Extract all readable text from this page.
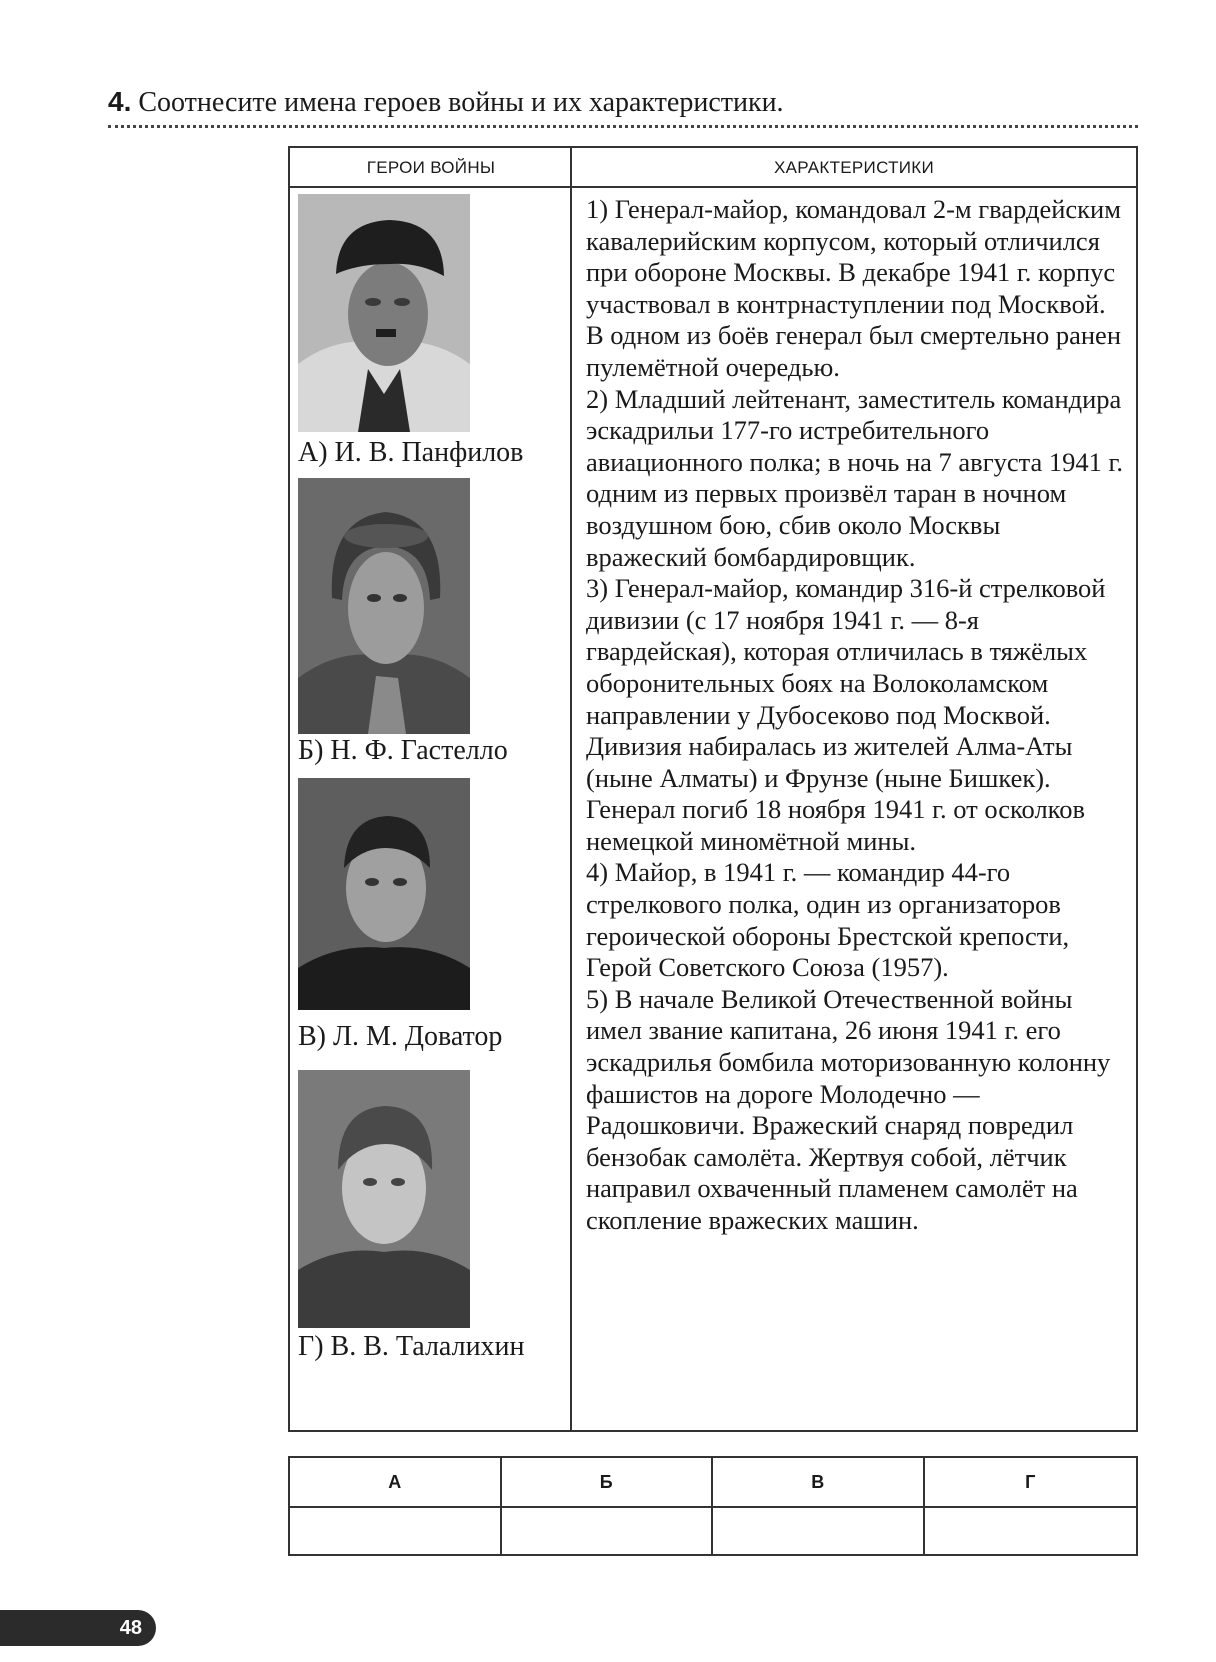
4. Соотнесите имена героев войны и их характеристики.
ГЕРОИ ВОЙНЫ	ХАРАКТЕРИСТИКИ
А) И. В. Панфилов
Б) Н. Ф. Гастелло
В) Л. М. Доватор
Г) В. В. Талалихин

1) Генерал-майор, командовал 2-м гвардейским кавалерийским корпусом, который отличился при обороне Москвы. В декабре 1941 г. корпус участвовал в контрнаступлении под Москвой. В одном из боёв генерал был смертельно ранен пулемётной очередью.

2) Младший лейтенант, заместитель командира эскадрильи 177-го истребительного авиационного полка; в ночь на 7 августа 1941 г. одним из первых произвёл таран в ночном воздушном бою, сбив около Москвы вражеский бомбардировщик.

3) Генерал-майор, командир 316-й стрелковой дивизии (с 17 ноября 1941 г. — 8-я гвардейская), которая отличилась в тяжёлых оборонительных боях на Волоколамском направлении у Дубосеково под Москвой. Дивизия набиралась из жителей Алма-Аты (ныне Алматы) и Фрунзе (ныне Бишкек). Генерал погиб 18 ноября 1941 г. от осколков немецкой миномётной мины.

4) Майор, в 1941 г. — командир 44-го стрелкового полка, один из организаторов героической обороны Брестской крепости, Герой Советского Союза (1957).

5) В начале Великой Отечественной войны имел звание капитана, 26 июня 1941 г. его эскадрилья бомбила моторизованную колонну фашистов на дороге Молодечно — Радошковичи. Вражеский снаряд повредил бензобак самолёта. Жертвуя собой, лётчик направил охваченный пламенем самолёт на скопление вражеских машин.

А	Б	В	Г
48
